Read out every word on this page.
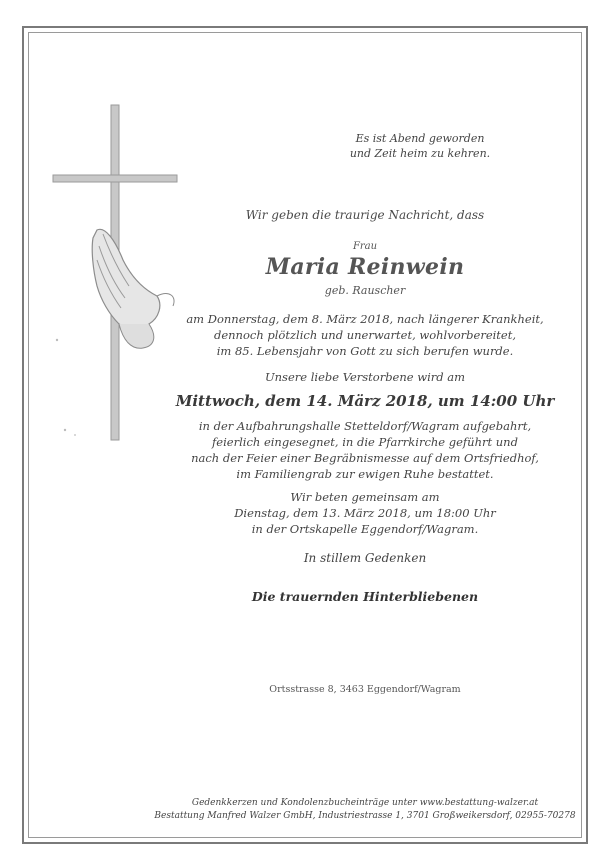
Es ist Abend geworden
und Zeit heim zu kehren.
Wir geben die traurige Nachricht, dass
Frau
Maria Reinwein
geb. Rauscher
am Donnerstag, dem 8. März 2018, nach längerer Krankheit,
dennoch plötzlich und unerwartet, wohlvorbereitet,
im 85. Lebensjahr von Gott zu sich berufen wurde.
Unsere liebe Verstorbene wird am
Mittwoch, dem 14. März 2018, um 14:00 Uhr
in der Aufbahrungshalle Stetteldorf/Wagram aufgebahrt,
feierlich eingesegnet, in die Pfarrkirche geführt und
nach der Feier einer Begräbnismesse auf dem Ortsfriedhof,
im Familiengrab zur ewigen Ruhe bestattet.
Wir beten gemeinsam am
Dienstag, dem 13. März 2018, um 18:00 Uhr
in der Ortskapelle Eggendorf/Wagram.
In stillem Gedenken
Die trauernden Hinterbliebenen
Ortsstrasse 8, 3463 Eggendorf/Wagram
Gedenkkerzen und Kondolenzbucheinträge unter www.bestattung-walzer.at
Bestattung Manfred Walzer GmbH, Industriestrasse 1, 3701 Großweikersdorf, 02955-70278
